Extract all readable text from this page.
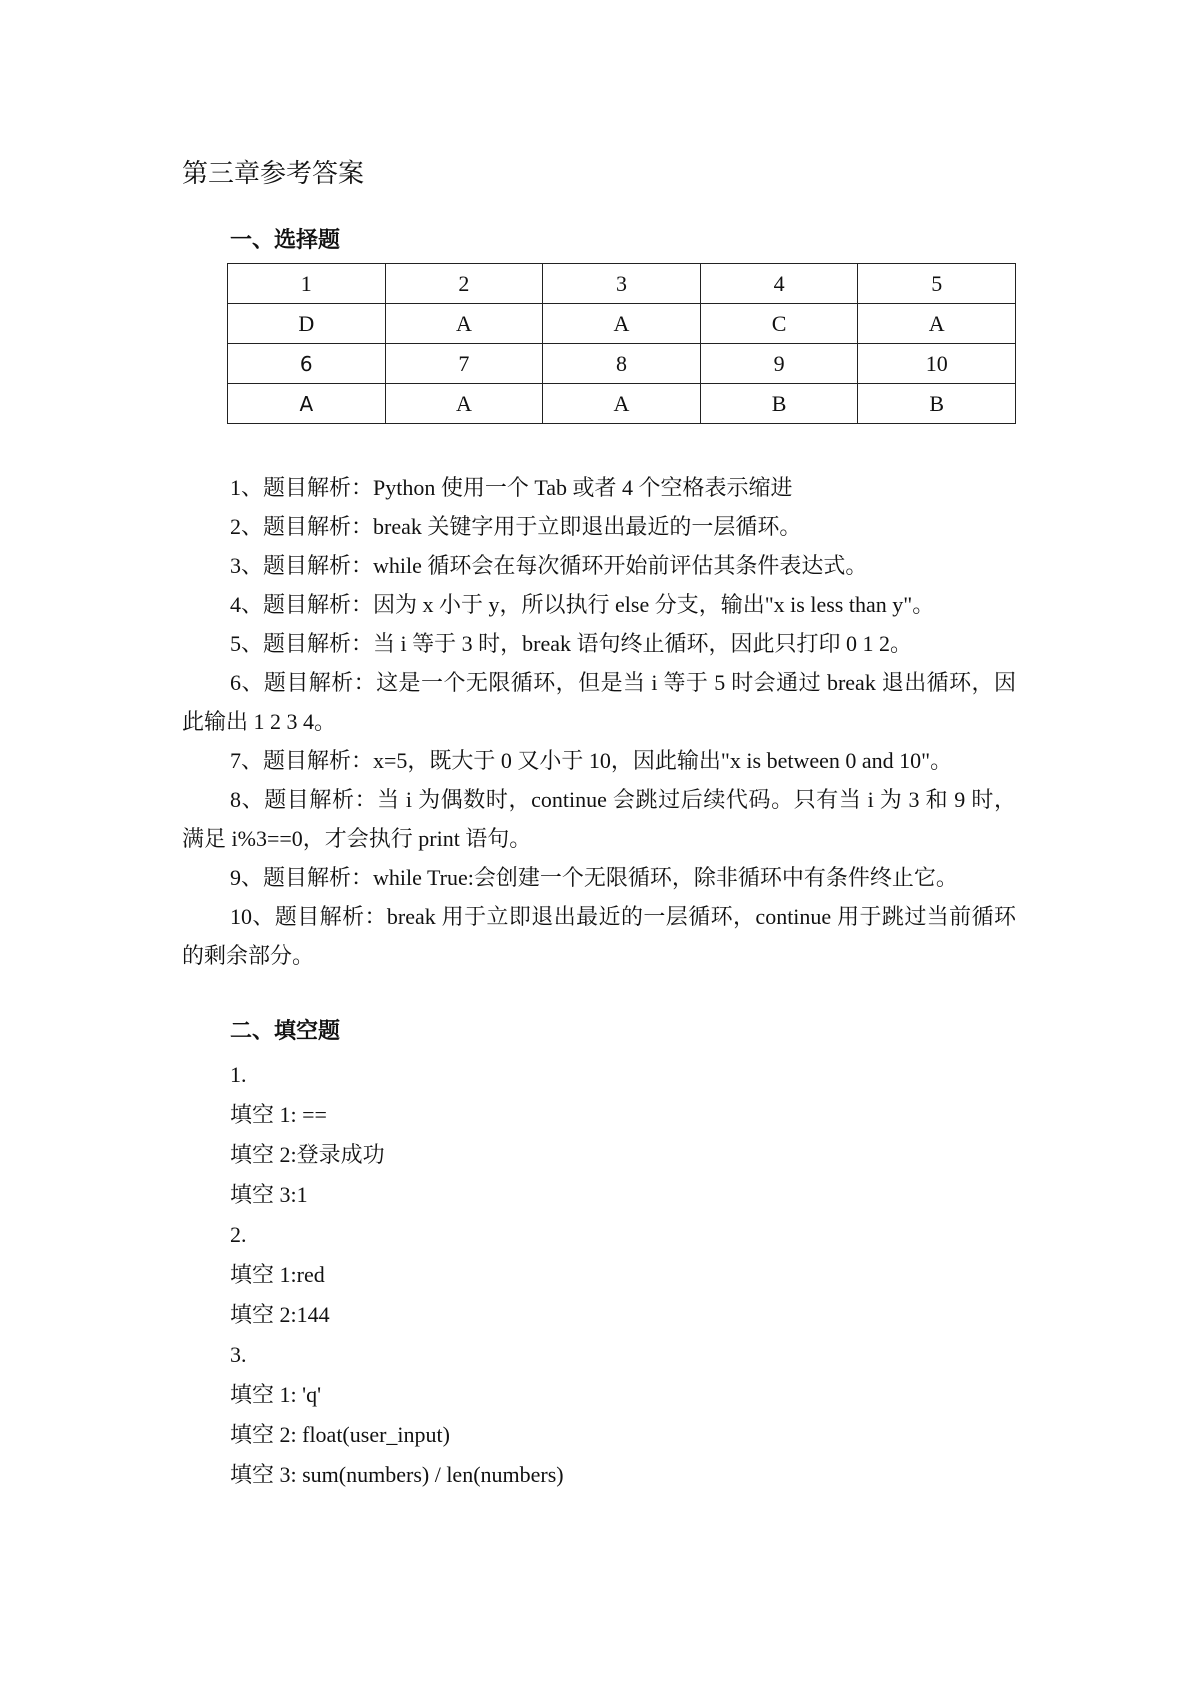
第三章参考答案
一、选择题
1	2	3	4	5
D	A	A	C	A
6	7	8	9	10
A	A	A	B	B

1、题目解析：Python 使用一个 Tab 或者 4 个空格表示缩进

2、题目解析：break 关键字用于立即退出最近的一层循环。

3、题目解析：while 循环会在每次循环开始前评估其条件表达式。

4、题目解析：因为 x 小于 y，所以执行 else 分支，输出"x is less than y"。

5、题目解析：当 i 等于 3 时，break 语句终止循环，因此只打印 0 1 2。

6、题目解析：这是一个无限循环，但是当 i 等于 5 时会通过 break 退出循环，因此输出 1 2 3 4。

7、题目解析：x=5，既大于 0 又小于 10，因此输出"x is between 0 and 10"。

8、题目解析：当 i 为偶数时，continue 会跳过后续代码。只有当 i 为 3 和 9 时，满足 i%3==0，才会执行 print 语句。

9、题目解析：while True:会创建一个无限循环，除非循环中有条件终止它。

10、题目解析：break 用于立即退出最近的一层循环，continue 用于跳过当前循环的剩余部分。

二、填空题
1.
填空 1: ==
填空 2:登录成功
填空 3:1
2.
填空 1:red
填空 2:144
3.
填空 1: 'q'
填空 2: float(user_input)
填空 3: sum(numbers) / len(numbers)
